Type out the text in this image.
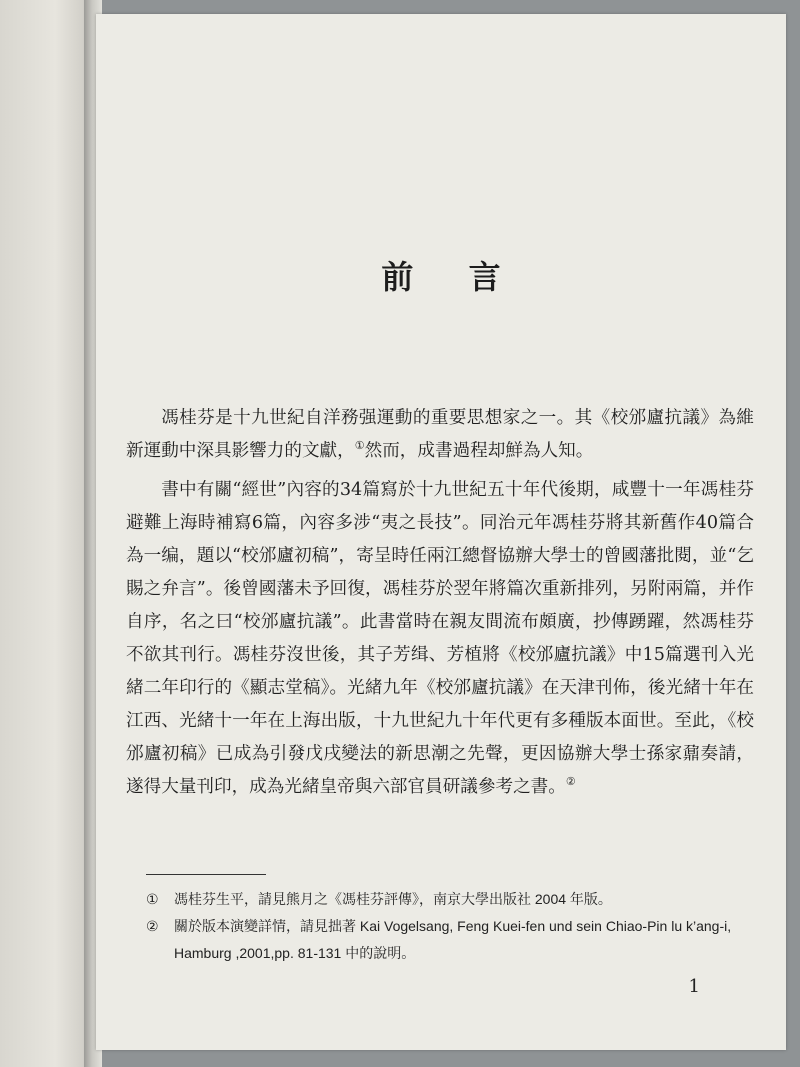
前 言

馮桂芬是十九世紀自洋務强運動的重要思想家之一。其《校邠廬抗議》為維新運動中深具影響力的文獻，①然而，成書過程却鮮為人知。

書中有關“經世”內容的34篇寫於十九世紀五十年代後期，咸豐十一年馮桂芬避難上海時補寫6篇，內容多涉“夷之長技”。同治元年馮桂芬將其新舊作40篇合為一编，題以“校邠廬初稿”，寄呈時任兩江總督協辦大學士的曾國藩批閱，並“乞賜之弁言”。後曾國藩未予回復，馮桂芬於翌年將篇次重新排列，另附兩篇，并作自序，名之曰“校邠廬抗議”。此書當時在親友間流布頗廣，抄傳踴躍，然馮桂芬不欲其刊行。馮桂芬沒世後，其子芳缉、芳植將《校邠廬抗議》中15篇選刊入光緒二年印行的《顯志堂稿》。光緒九年《校邠廬抗議》在天津刊佈，後光緒十年在江西、光緒十一年在上海出版，十九世紀九十年代更有多種版本面世。至此，《校邠廬初稿》已成為引發戊戌變法的新思潮之先聲，更因協辦大學士孫家鼐奏請，遂得大量刊印，成為光緒皇帝與六部官員研議參考之書。②

① 馮桂芬生平，請見熊月之《馮桂芬評傳》，南京大學出版社 2004 年版。
② 關於版本演變詳情，請見拙著 Kai Vogelsang, Feng Kuei-fen und sein Chiao-Pin lu k’ang-i, Hamburg ,2001,pp. 81-131 中的說明。
1
